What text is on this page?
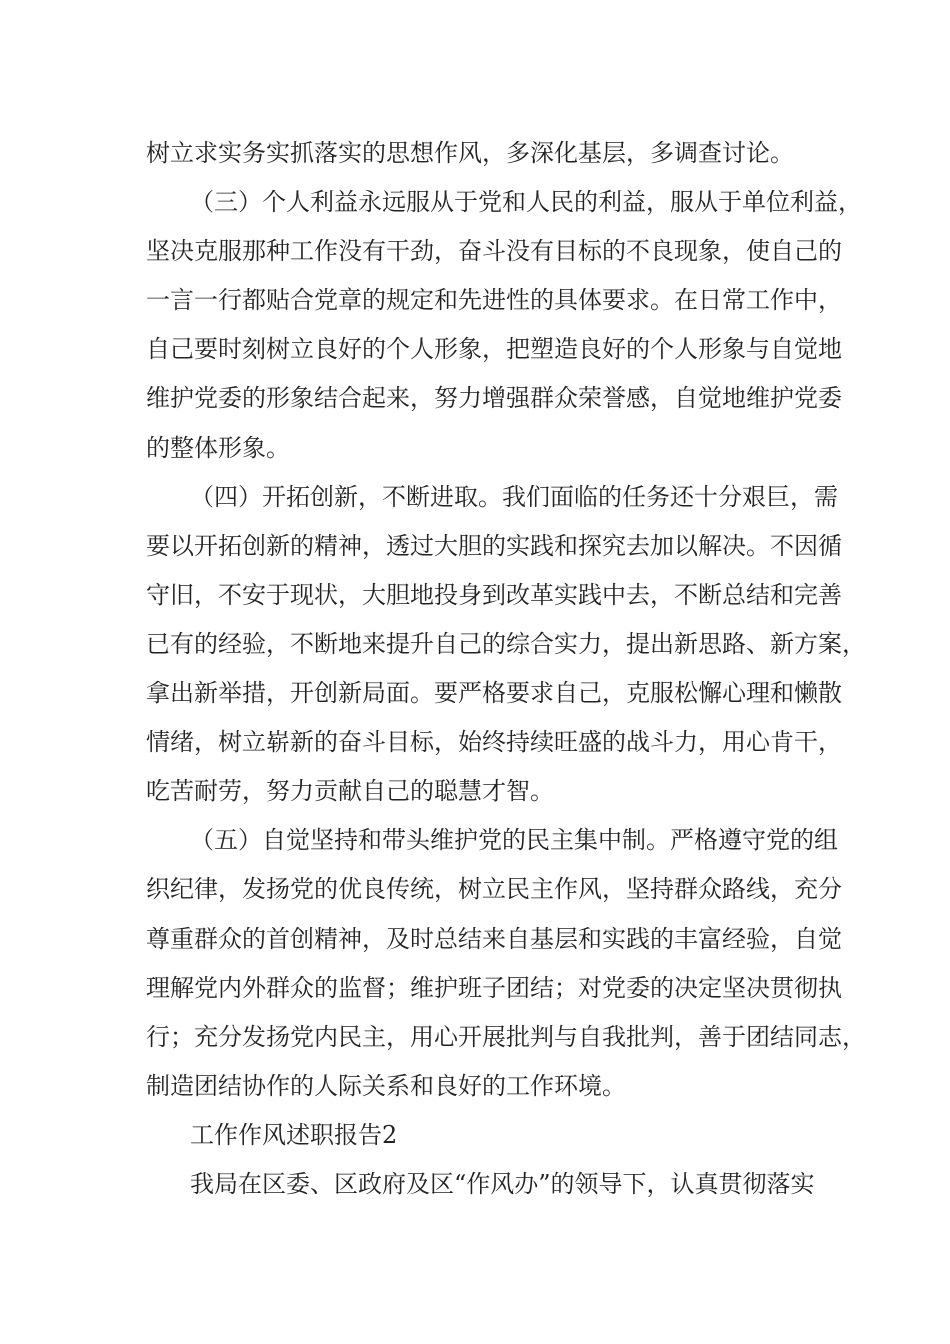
树立求实务实抓落实的思想作风，多深化基层，多调查讨论。
（三）个人利益永远服从于党和人民的利益，服从于单位利益，
坚决克服那种工作没有干劲，奋斗没有目标的不良现象，使自己的
一言一行都贴合党章的规定和先进性的具体要求。在日常工作中，
自己要时刻树立良好的个人形象，把塑造良好的个人形象与自觉地
维护党委的形象结合起来，努力增强群众荣誉感，自觉地维护党委
的整体形象。
（四）开拓创新，不断进取。我们面临的任务还十分艰巨，需
要以开拓创新的精神，透过大胆的实践和探究去加以解决。不因循
守旧，不安于现状，大胆地投身到改革实践中去，不断总结和完善
已有的经验，不断地来提升自己的综合实力，提出新思路、新方案，
拿出新举措，开创新局面。要严格要求自己，克服松懈心理和懒散
情绪，树立崭新的奋斗目标，始终持续旺盛的战斗力，用心肯干，
吃苦耐劳，努力贡献自己的聪慧才智。
（五）自觉坚持和带头维护党的民主集中制。严格遵守党的组
织纪律，发扬党的优良传统，树立民主作风，坚持群众路线，充分
尊重群众的首创精神，及时总结来自基层和实践的丰富经验，自觉
理解党内外群众的监督；维护班子团结；对党委的决定坚决贯彻执
行；充分发扬党内民主，用心开展批判与自我批判，善于团结同志，
制造团结协作的人际关系和良好的工作环境。
工作作风述职报告2
我局在区委、区政府及区“作风办”的领导下，认真贯彻落实
